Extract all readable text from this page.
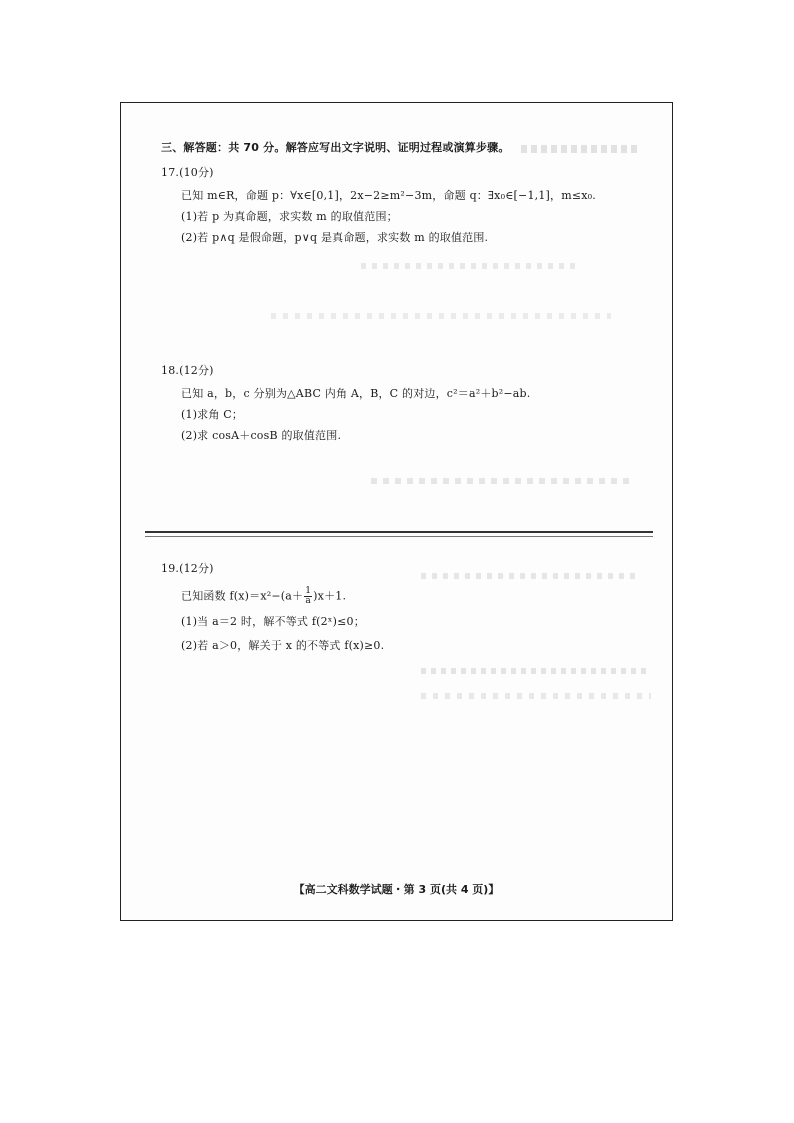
三、解答题：共 70 分。解答应写出文字说明、证明过程或演算步骤。
17.(10分)
已知 m∈R，命题 p：∀x∈[0,1]，2x−2≥m²−3m，命题 q：∃x₀∈[−1,1]，m≤x₀.
(1)若 p 为真命题，求实数 m 的取值范围；
(2)若 p∧q 是假命题，p∨q 是真命题，求实数 m 的取值范围.
18.(12分)
已知 a，b，c 分别为△ABC 内角 A，B，C 的对边，c²＝a²＋b²−ab.
(1)求角 C；
(2)求 cosA＋cosB 的取值范围.
19.(12分)
已知函数 $f(x)=x^2-(a+ \frac{1}{a} )x+1$.
(1)当 a＝2 时，解不等式 f(2ˣ)≤0；
(2)若 a＞0，解关于 x 的不等式 f(x)≥0.
【高二文科数学试题・第 3 页(共 4 页)】
